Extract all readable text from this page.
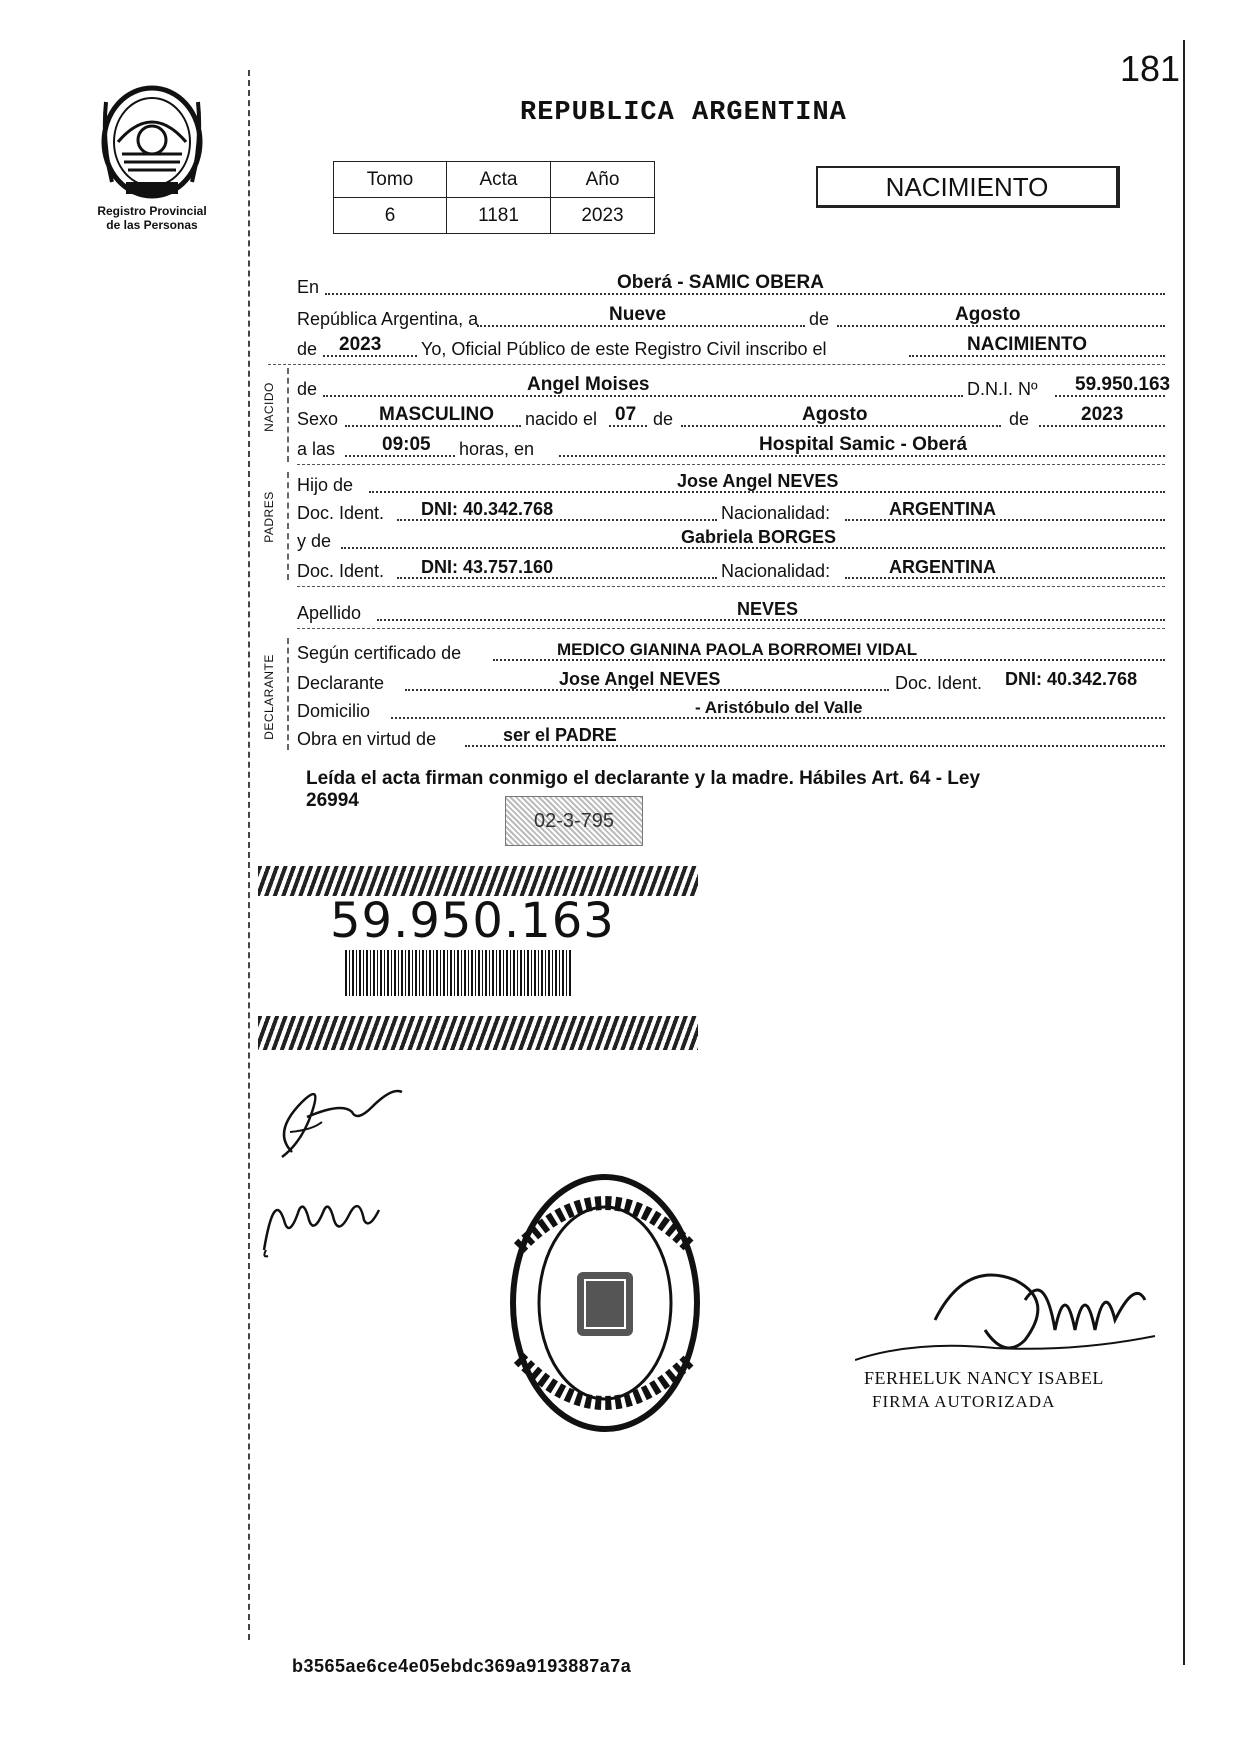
181
Registro Provincial
de las Personas
REPUBLICA ARGENTINA
Tomo	Acta	Año
6	1181	2023
NACIMIENTO
En	Oberá - SAMIC OBERA
República Argentina, a	Nueve	de	Agosto
de 2023 Yo, Oficial Público de este Registro Civil inscribo el	NACIMIENTO
NACIDO de	Angel Moises	D.N.I. Nº 59.950.163
Sexo MASCULINO nacido el 07 de	Agosto	de	2023
a las 09:05 horas, en	Hospital Samic - Oberá
PADRES
Hijo de	Jose Angel NEVES
Doc. Ident. DNI: 40.342.768	Nacionalidad:	ARGENTINA
y de	Gabriela BORGES
Doc. Ident. DNI: 43.757.160	Nacionalidad:	ARGENTINA
Apellido	NEVES
DECLARANTE
Según certificado de	MEDICO GIANINA PAOLA BORROMEI VIDAL
Declarante	Jose Angel NEVES	Doc. Ident. DNI: 40.342.768
Domicilio	- Aristóbulo del Valle
Obra en virtud de	ser el PADRE
Leída el acta firman conmigo el declarante y la madre. Hábiles Art. 64 - Ley
26994
02-3-795
59.950.163
FERHELUK NANCY ISABEL
FIRMA AUTORIZADA
b3565ae6ce4e05ebdc369a9193887a7a
